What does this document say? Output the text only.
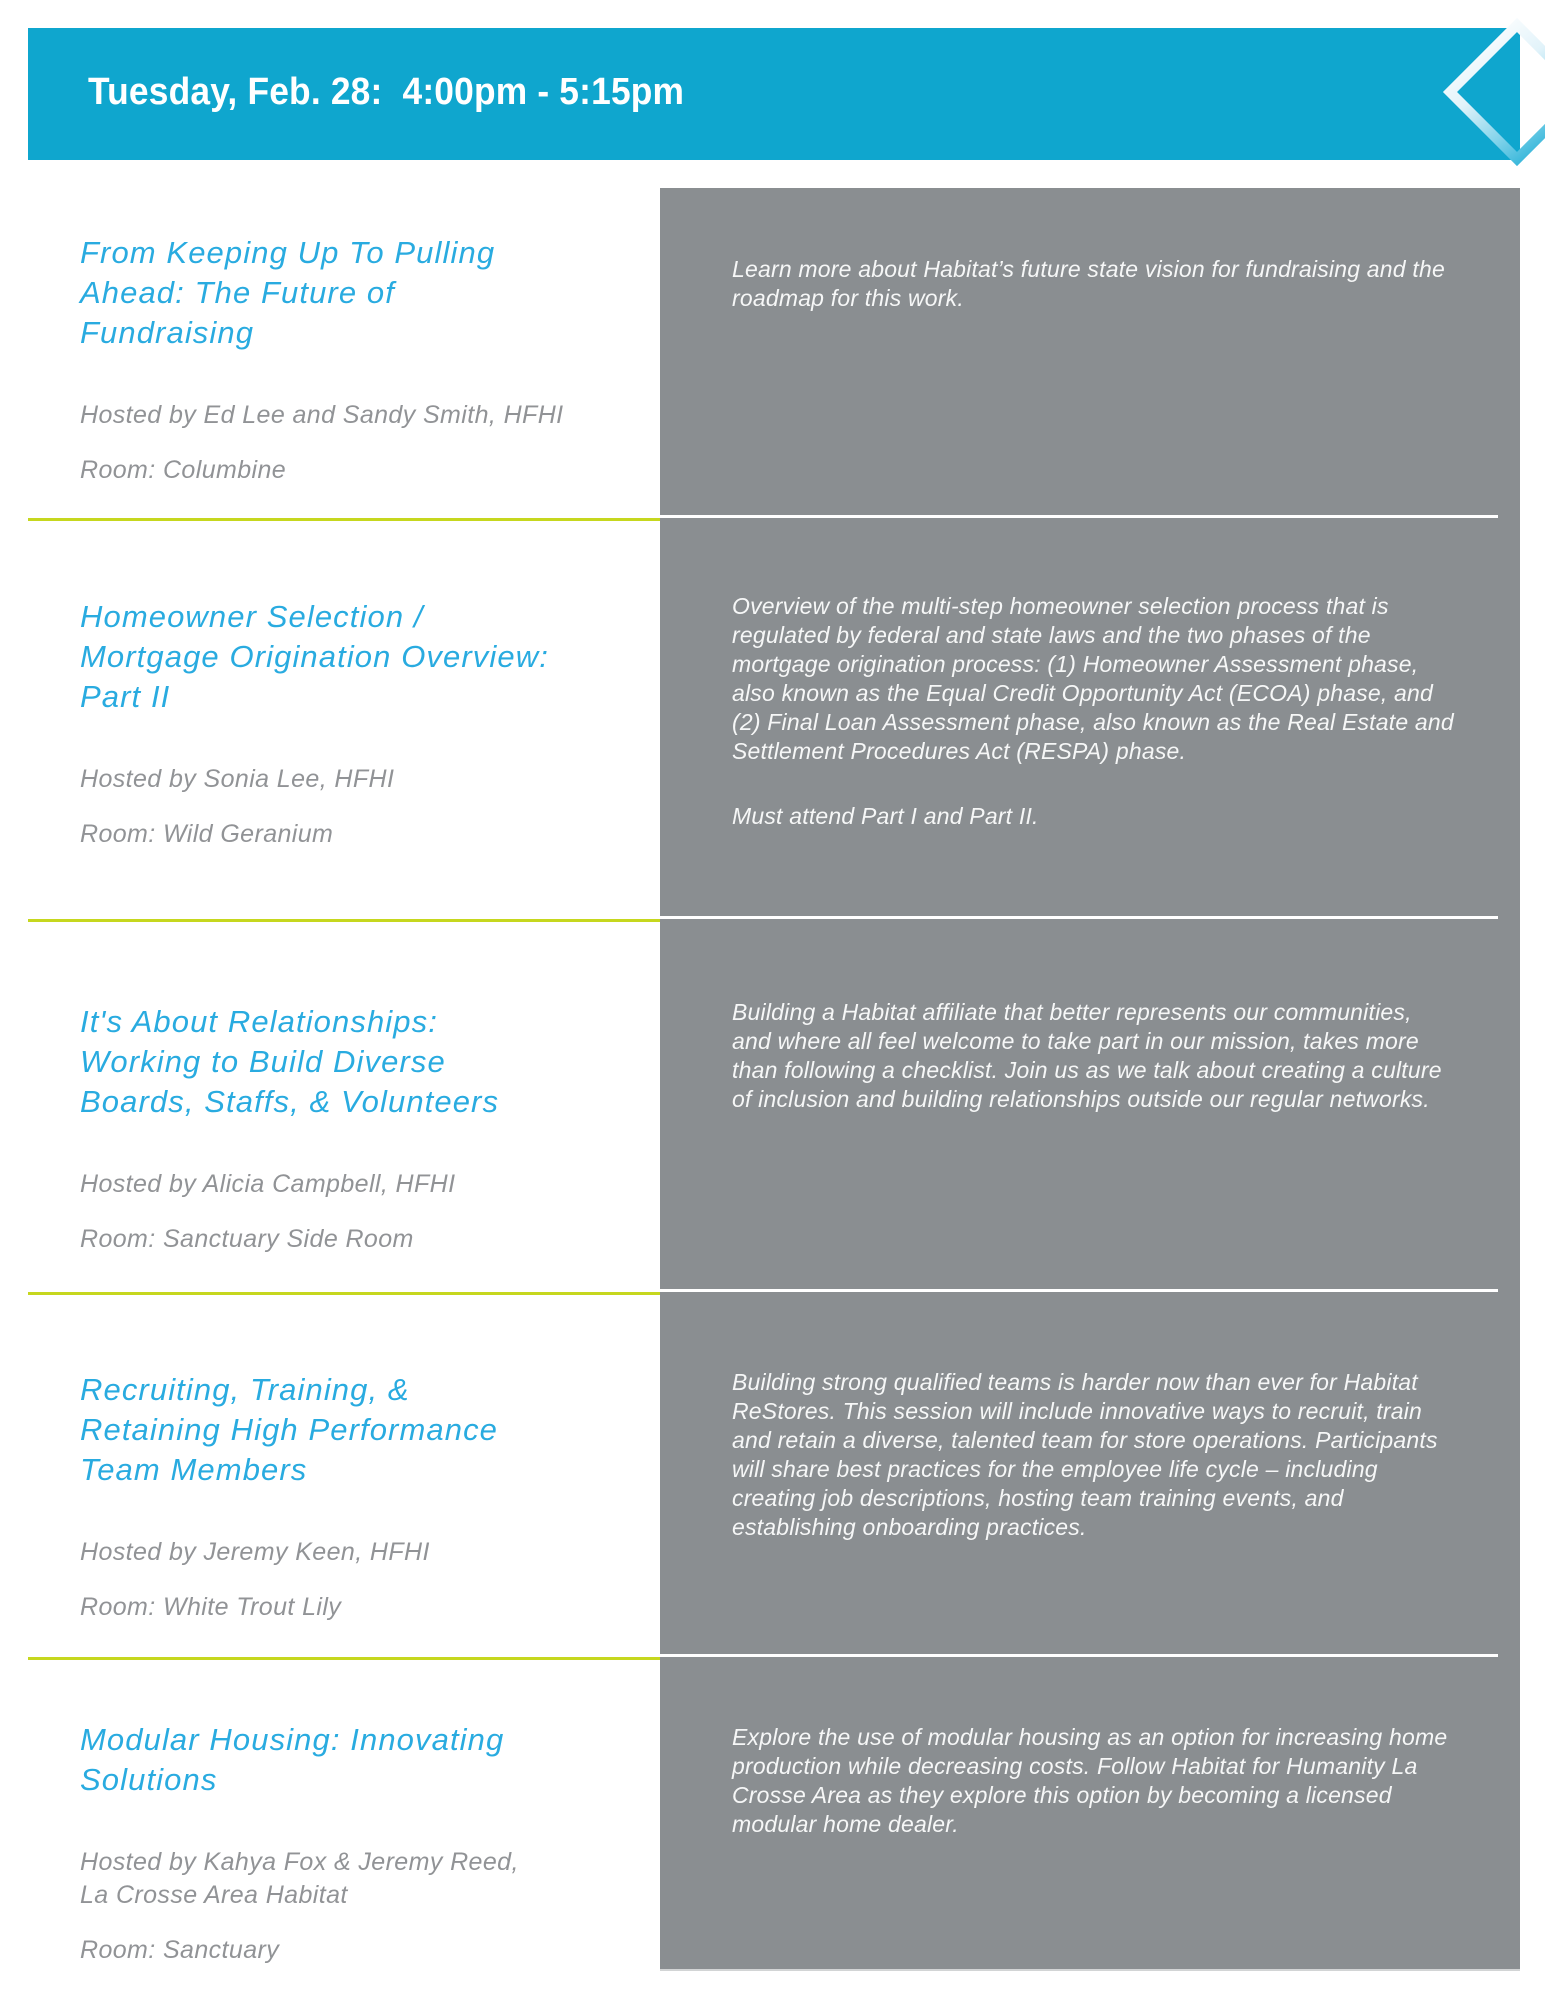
Tuesday, Feb. 28:  4:00pm - 5:15pm
From Keeping Up To Pulling
Ahead: The Future of
Fundraising
Hosted by Ed Lee and Sandy Smith, HFHI
Room: Columbine

Learn more about Habitat’s future state vision for fundraising and the roadmap for this work.

Homeowner Selection /
Mortgage Origination Overview:
Part II
Hosted by Sonia Lee, HFHI
Room: Wild Geranium

Overview of the multi-step homeowner selection process that is regulated by federal and state laws and the two phases of the mortgage origination process: (1) Homeowner Assessment phase, also known as the Equal Credit Opportunity Act (ECOA) phase, and (2) Final Loan Assessment phase, also known as the Real Estate and Settlement Procedures Act (RESPA) phase.

Must attend Part I and Part II.

It's About Relationships:
Working to Build Diverse
Boards, Staffs, & Volunteers
Hosted by Alicia Campbell, HFHI
Room: Sanctuary Side Room

Building a Habitat affiliate that better represents our communities, and where all feel welcome to take part in our mission, takes more than following a checklist. Join us as we talk about creating a culture of inclusion and building relationships outside our regular networks.

Recruiting, Training, &
Retaining High Performance
Team Members
Hosted by Jeremy Keen, HFHI
Room: White Trout Lily

Building strong qualified teams is harder now than ever for Habitat ReStores. This session will include innovative ways to recruit, train and retain a diverse, talented team for store operations. Participants will share best practices for the employee life cycle – including creating job descriptions, hosting team training events, and establishing onboarding practices.

Modular Housing: Innovating
Solutions
Hosted by Kahya Fox & Jeremy Reed,
La Crosse Area Habitat
Room: Sanctuary

Explore the use of modular housing as an option for increasing home production while decreasing costs. Follow Habitat for Humanity La Crosse Area as they explore this option by becoming a licensed modular home dealer.
